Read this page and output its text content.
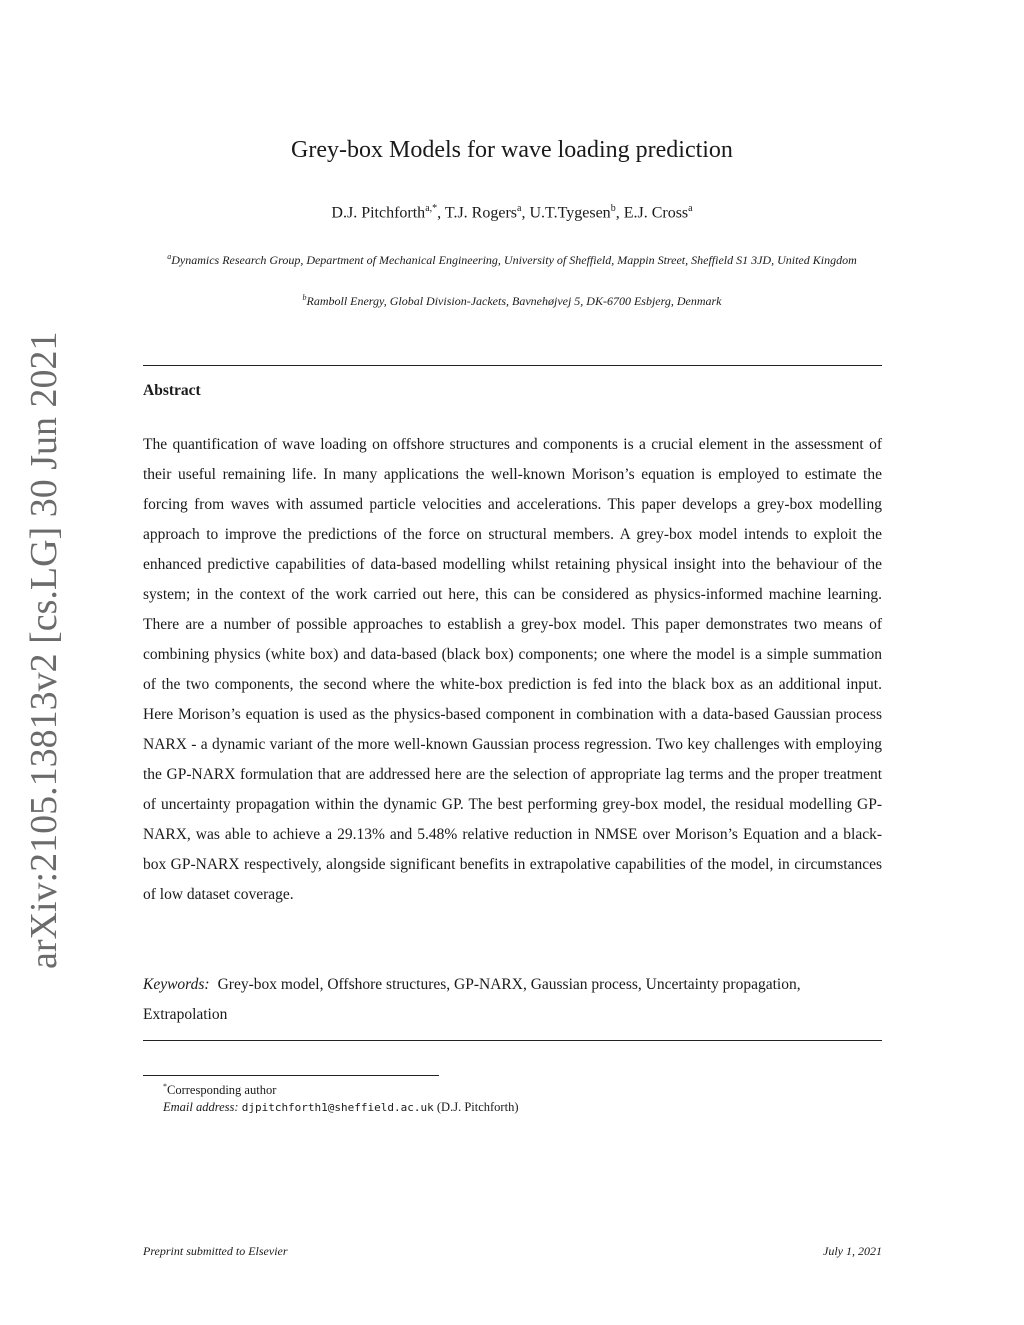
arXiv:2105.13813v2 [cs.LG] 30 Jun 2021
Grey-box Models for wave loading prediction
D.J. Pitchforth$^{a,*}$, T.J. Rogers$^a$, U.T.Tygesen$^b$, E.J. Cross$^a$
$^a$Dynamics Research Group, Department of Mechanical Engineering, University of Sheffield, Mappin Street, Sheffield S1 3JD, United Kingdom
$^b$Ramboll Energy, Global Division-Jackets, Bavnehøjvej 5, DK-6700 Esbjerg, Denmark
Abstract

The quantification of wave loading on offshore structures and components is a crucial element in the assessment of their useful remaining life. In many applications the well-known Morison’s equation is employed to estimate the forcing from waves with assumed particle velocities and accelerations. This paper develops a grey-box modelling approach to improve the predictions of the force on structural members. A grey-box model intends to exploit the enhanced predictive capabilities of data-based modelling whilst retaining physical insight into the behaviour of the system; in the context of the work carried out here, this can be considered as physics-informed machine learning. There are a number of possible approaches to establish a grey-box model. This paper demonstrates two means of combining physics (white box) and data-based (black box) components; one where the model is a simple summation of the two components, the second where the white-box prediction is fed into the black box as an additional input. Here Morison’s equation is used as the physics-based component in combination with a data-based Gaussian process NARX - a dynamic variant of the more well-known Gaussian process regression. Two key challenges with employing the GP-NARX formulation that are addressed here are the selection of appropriate lag terms and the proper treatment of uncertainty propagation within the dynamic GP. The best performing grey-box model, the residual modelling GP-NARX, was able to achieve a 29.13% and 5.48% relative reduction in NMSE over Morison’s Equation and a black-box GP-NARX respectively, alongside significant benefits in extrapolative capabilities of the model, in circumstances of low dataset coverage.

Keywords: Grey-box model, Offshore structures, GP-NARX, Gaussian process, Uncertainty propagation, Extrapolation

*Corresponding author
Email address: djpitchforth1@sheffield.ac.uk (D.J. Pitchforth)
Preprint submitted to Elsevier	July 1, 2021
